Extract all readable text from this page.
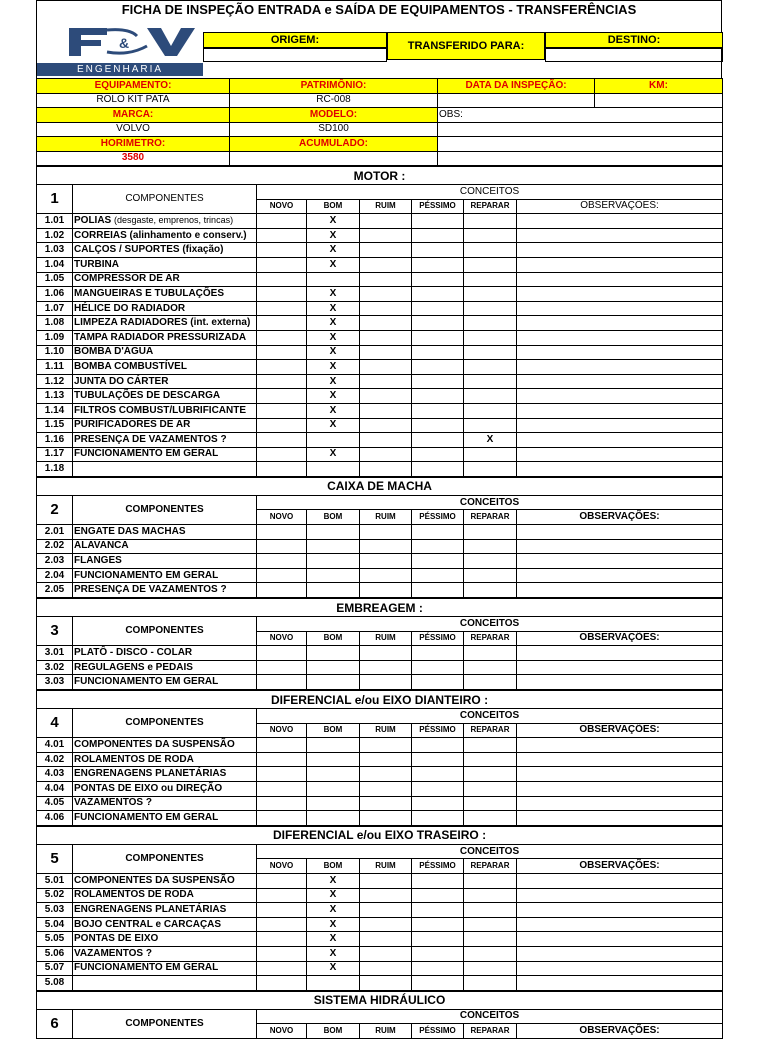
FICHA DE INSPEÇÃO ENTRADA e SAÍDA DE EQUIPAMENTOS - TRANSFERÊNCIAS
&
ENGENHARIA
ORIGEM:	TRANSFERIDO PARA:	DESTINO:
EQUIPAMENTO:	PATRIMÔNIO:	DATA DA INSPEÇÃO:	KM:
ROLO KIT PATA	RC-008		
MARCA:	MODELO:	OBS:	
VOLVO	SD100		
HORIMETRO:	ACUMULADO:		
3580			
MOTOR :							
1	COMPONENTES	CONCEITOS					
		NOVO	BOM	RUIM	PÉSSIMO	REPARAR	OBSERVAÇÕES:
1.01	POLIAS (desgaste, emprenos, trincas)		X				
1.02	CORREIAS (alinhamento e conserv.)		X				
1.03	CALÇOS / SUPORTES (fixação)		X				
1.04	TURBINA		X				
1.05	COMPRESSOR DE AR						
1.06	MANGUEIRAS E TUBULAÇÕES		X				
1.07	HÉLICE DO RADIADOR		X				
1.08	LIMPEZA RADIADORES (int. externa)		X				
1.09	TAMPA RADIADOR PRESSURIZADA		X				
1.10	BOMBA D'ÁGUA		X				
1.11	BOMBA COMBUSTÍVEL		X				
1.12	JUNTA DO CÁRTER		X				
1.13	TUBULAÇÕES DE DESCARGA		X				
1.14	FILTROS COMBUST/LUBRIFICANTE		X				
1.15	PURIFICADORES DE AR		X				
1.16	PRESENÇA DE VAZAMENTOS ?					X	
1.17	FUNCIONAMENTO EM GERAL		X				
1.18							
CAIXA DE MACHA							
2	COMPONENTES	CONCEITOS					
		NOVO	BOM	RUIM	PÉSSIMO	REPARAR	OBSERVAÇÕES:
2.01	ENGATE DAS MACHAS						
2.02	ALAVANCA						
2.03	FLANGES						
2.04	FUNCIONAMENTO EM GERAL						
2.05	PRESENÇA DE VAZAMENTOS ?						
EMBREAGEM :							
3	COMPONENTES	CONCEITOS					
		NOVO	BOM	RUIM	PÉSSIMO	REPARAR	OBSERVAÇÕES:
3.01	PLATÔ - DISCO - COLAR						
3.02	REGULAGENS e PEDAIS						
3.03	FUNCIONAMENTO EM GERAL						
DIFERENCIAL e/ou EIXO DIANTEIRO :							
4	COMPONENTES	CONCEITOS					
		NOVO	BOM	RUIM	PÉSSIMO	REPARAR	OBSERVAÇÕES:
4.01	COMPONENTES DA SUSPENSÃO						
4.02	ROLAMENTOS DE RODA						
4.03	ENGRENAGENS PLANETÁRIAS						
4.04	PONTAS DE EIXO ou DIREÇÃO						
4.05	VAZAMENTOS ?						
4.06	FUNCIONAMENTO EM GERAL						
DIFERENCIAL e/ou EIXO TRASEIRO :							
5	COMPONENTES	CONCEITOS					
		NOVO	BOM	RUIM	PÉSSIMO	REPARAR	OBSERVAÇÕES:
5.01	COMPONENTES DA SUSPENSÃO		X				
5.02	ROLAMENTOS DE RODA		X				
5.03	ENGRENAGENS PLANETÁRIAS		X				
5.04	BOJO CENTRAL e CARCAÇAS		X				
5.05	PONTAS DE EIXO		X				
5.06	VAZAMENTOS ?		X				
5.07	FUNCIONAMENTO EM GERAL		X				
5.08							
SISTEMA HIDRÁULICO							
6	COMPONENTES	CONCEITOS					
		NOVO	BOM	RUIM	PÉSSIMO	REPARAR	OBSERVAÇÕES:
